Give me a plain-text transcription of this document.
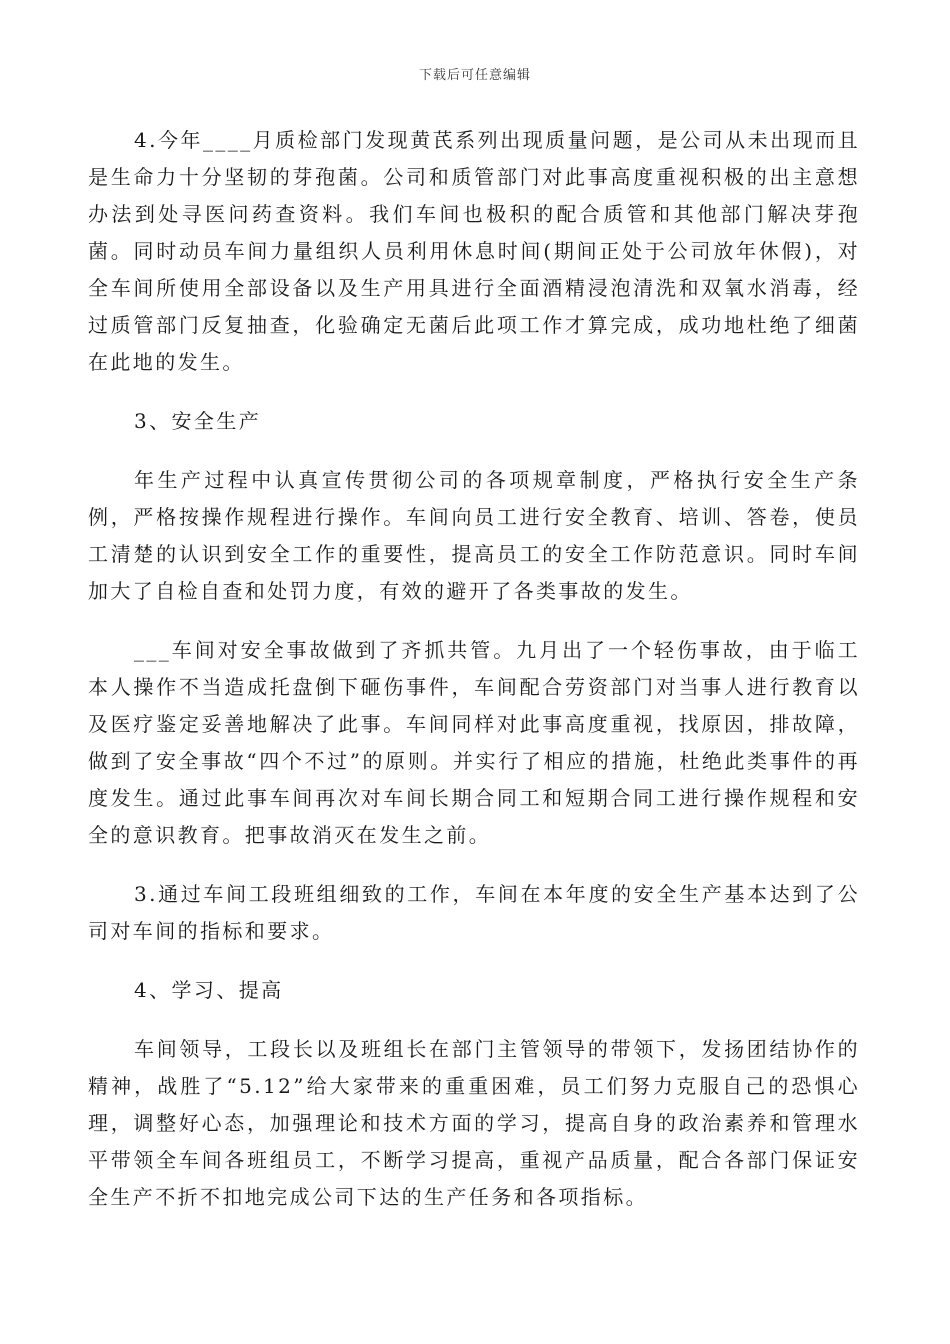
下载后可任意编辑

4.今年____月质检部门发现黄芪系列出现质量问题，是公司从未出现而且是生命力十分坚韧的芽孢菌。公司和质管部门对此事高度重视积极的出主意想办法到处寻医问药查资料。我们车间也极积的配合质管和其他部门解决芽孢菌。同时动员车间力量组织人员利用休息时间(期间正处于公司放年休假)，对全车间所使用全部设备以及生产用具进行全面酒精浸泡清洗和双氧水消毒，经过质管部门反复抽查，化验确定无菌后此项工作才算完成，成功地杜绝了细菌在此地的发生。

3、安全生产

年生产过程中认真宣传贯彻公司的各项规章制度，严格执行安全生产条例，严格按操作规程进行操作。车间向员工进行安全教育、培训、答卷，使员工清楚的认识到安全工作的重要性，提高员工的安全工作防范意识。同时车间加大了自检自查和处罚力度，有效的避开了各类事故的发生。

___车间对安全事故做到了齐抓共管。九月出了一个轻伤事故，由于临工本人操作不当造成托盘倒下砸伤事件，车间配合劳资部门对当事人进行教育以及医疗鉴定妥善地解决了此事。车间同样对此事高度重视，找原因，排故障，做到了安全事故“四个不过”的原则。并实行了相应的措施，杜绝此类事件的再度发生。通过此事车间再次对车间长期合同工和短期合同工进行操作规程和安全的意识教育。把事故消灭在发生之前。

3.通过车间工段班组细致的工作，车间在本年度的安全生产基本达到了公司对车间的指标和要求。

4、学习、提高

车间领导，工段长以及班组长在部门主管领导的带领下，发扬团结协作的精神，战胜了“5.12”给大家带来的重重困难，员工们努力克服自己的恐惧心理，调整好心态，加强理论和技术方面的学习，提高自身的政治素养和管理水平带领全车间各班组员工，不断学习提高，重视产品质量，配合各部门保证安全生产不折不扣地完成公司下达的生产任务和各项指标。
